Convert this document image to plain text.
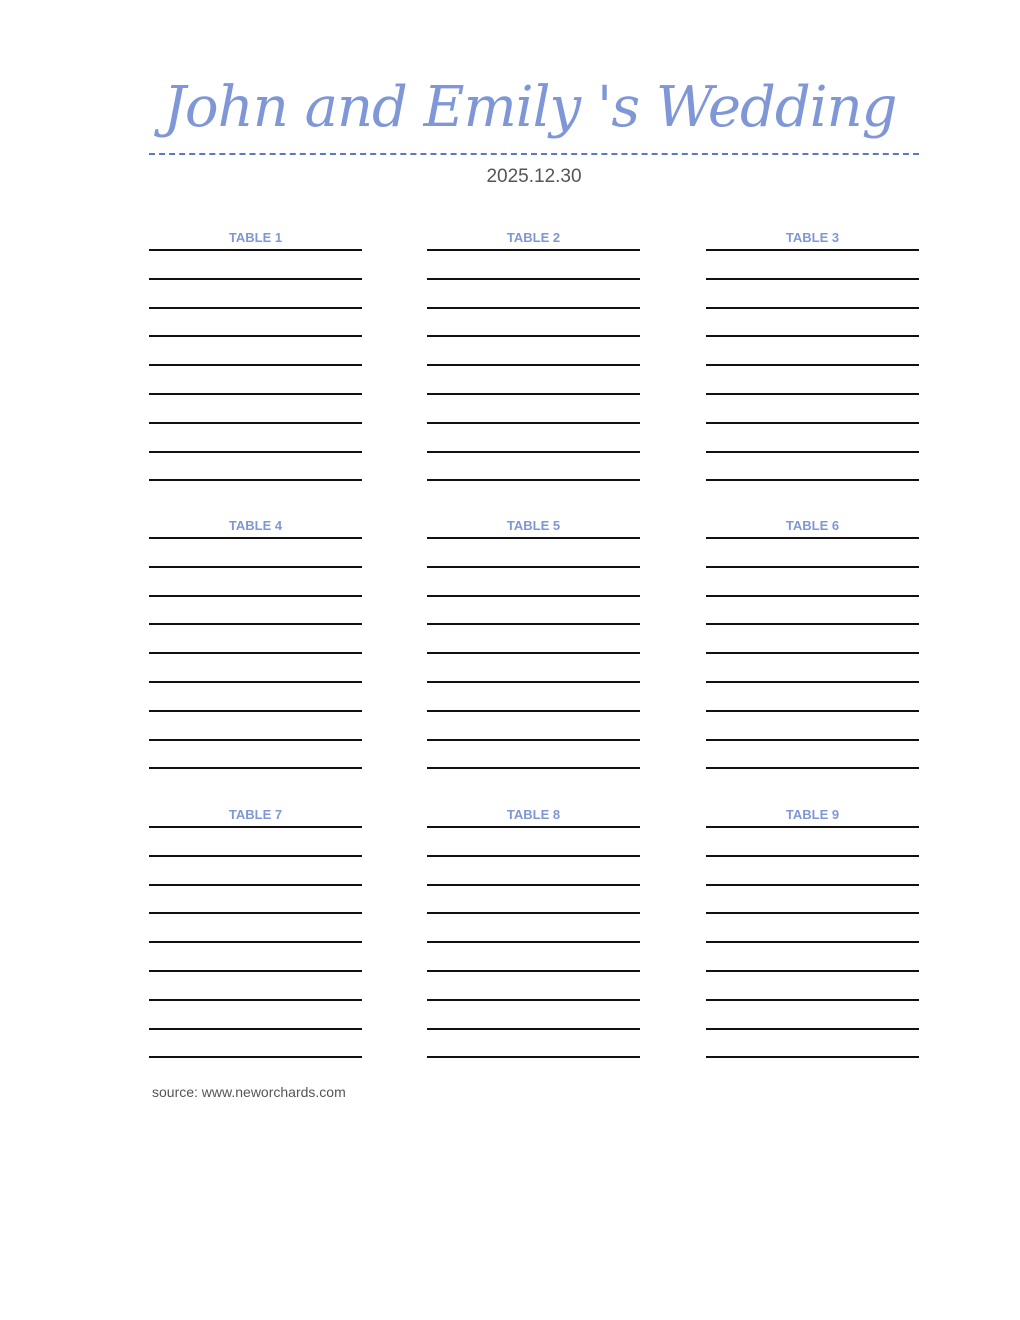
John and Emily 's Wedding
2025.12.30
TABLE 1	TABLE 2	TABLE 3
TABLE 4	TABLE 5	TABLE 6
TABLE 7	TABLE 8	TABLE 9
source: www.neworchards.com
